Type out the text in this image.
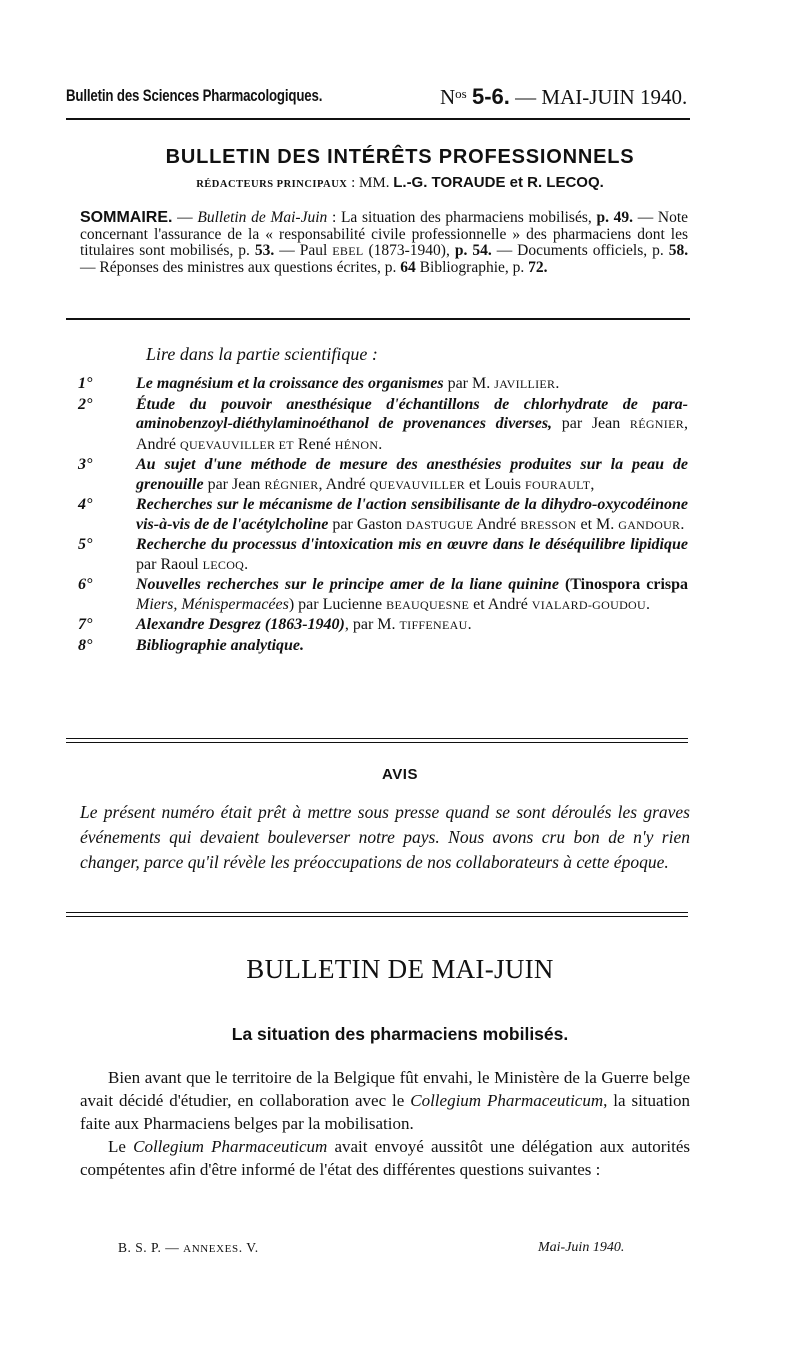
Bulletin des Sciences Pharmacologiques.	$N^{os}$ 5-6. — MAI-JUIN 1940.
BULLETIN DES INTÉRÊTS PROFESSIONNELS
RÉDACTEURS PRINCIPAUX : MM. L.-G. TORAUDE et R. LECOQ.
SOMMAIRE. — Bulletin de Mai-Juin : La situation des pharmaciens mobilisés, p. 49. — Note concernant l'assurance de la « responsabilité civile professionnelle » des pharmaciens dont les titulaires sont mobilisés, p. 53. — Paul EBEL (1873-1940), p. 54. — Documents officiels, p. 58. — Réponses des ministres aux questions écrites, p. 64 Bibliographie, p. 72.
Lire dans la partie scientifique :

1°	Le magnésium et la croissance des organismes par M. JAVILLIER.

2°	Étude du pouvoir anesthésique d'échantillons de chlorhydrate de para-aminobenzoyl-diéthylaminoéthanol de provenances diverses, par Jean RÉGNIER, André QUEVAUVILLER ET René HÉNON.

3°	Au sujet d'une méthode de mesure des anesthésies produites sur la peau de grenouille par Jean RÉGNIER, André QUEVAUVILLER et Louis FOURAULT,

4°	Recherches sur le mécanisme de l'action sensibilisante de la dihydro-oxycodéinone vis-à-vis de de l'acétylcholine par Gaston DASTUGUE André BRESSON et M. GANDOUR.

5°	Recherche du processus d'intoxication mis en œuvre dans le déséquilibre lipidique par Raoul LECOQ.

6°	Nouvelles recherches sur le principe amer de la liane quinine (Tinospora crispa Miers, Ménispermacées) par Lucienne BEAUQUESNE et André VIALARD-GOUDOU.

7°	Alexandre Desgrez (1863-1940), par M. TIFFENEAU.

8°	Bibliographie analytique.

AVIS
Le présent numéro était prêt à mettre sous presse quand se sont déroulés les graves événements qui devaient bouleverser notre pays. Nous avons cru bon de n'y rien changer, parce qu'il révèle les préoccupations de nos collaborateurs à cette époque.
BULLETIN DE MAI-JUIN
La situation des pharmaciens mobilisés.

Bien avant que le territoire de la Belgique fût envahi, le Ministère de la Guerre belge avait décidé d'étudier, en collaboration avec le Collegium Pharmaceuticum, la situation faite aux Pharmaciens belges par la mobilisation.

Le Collegium Pharmaceuticum avait envoyé aussitôt une délégation aux autorités compétentes afin d'être informé de l'état des différentes questions suivantes :

B. S. P. — ANNEXES. V.	Mai-Juin 1940.
